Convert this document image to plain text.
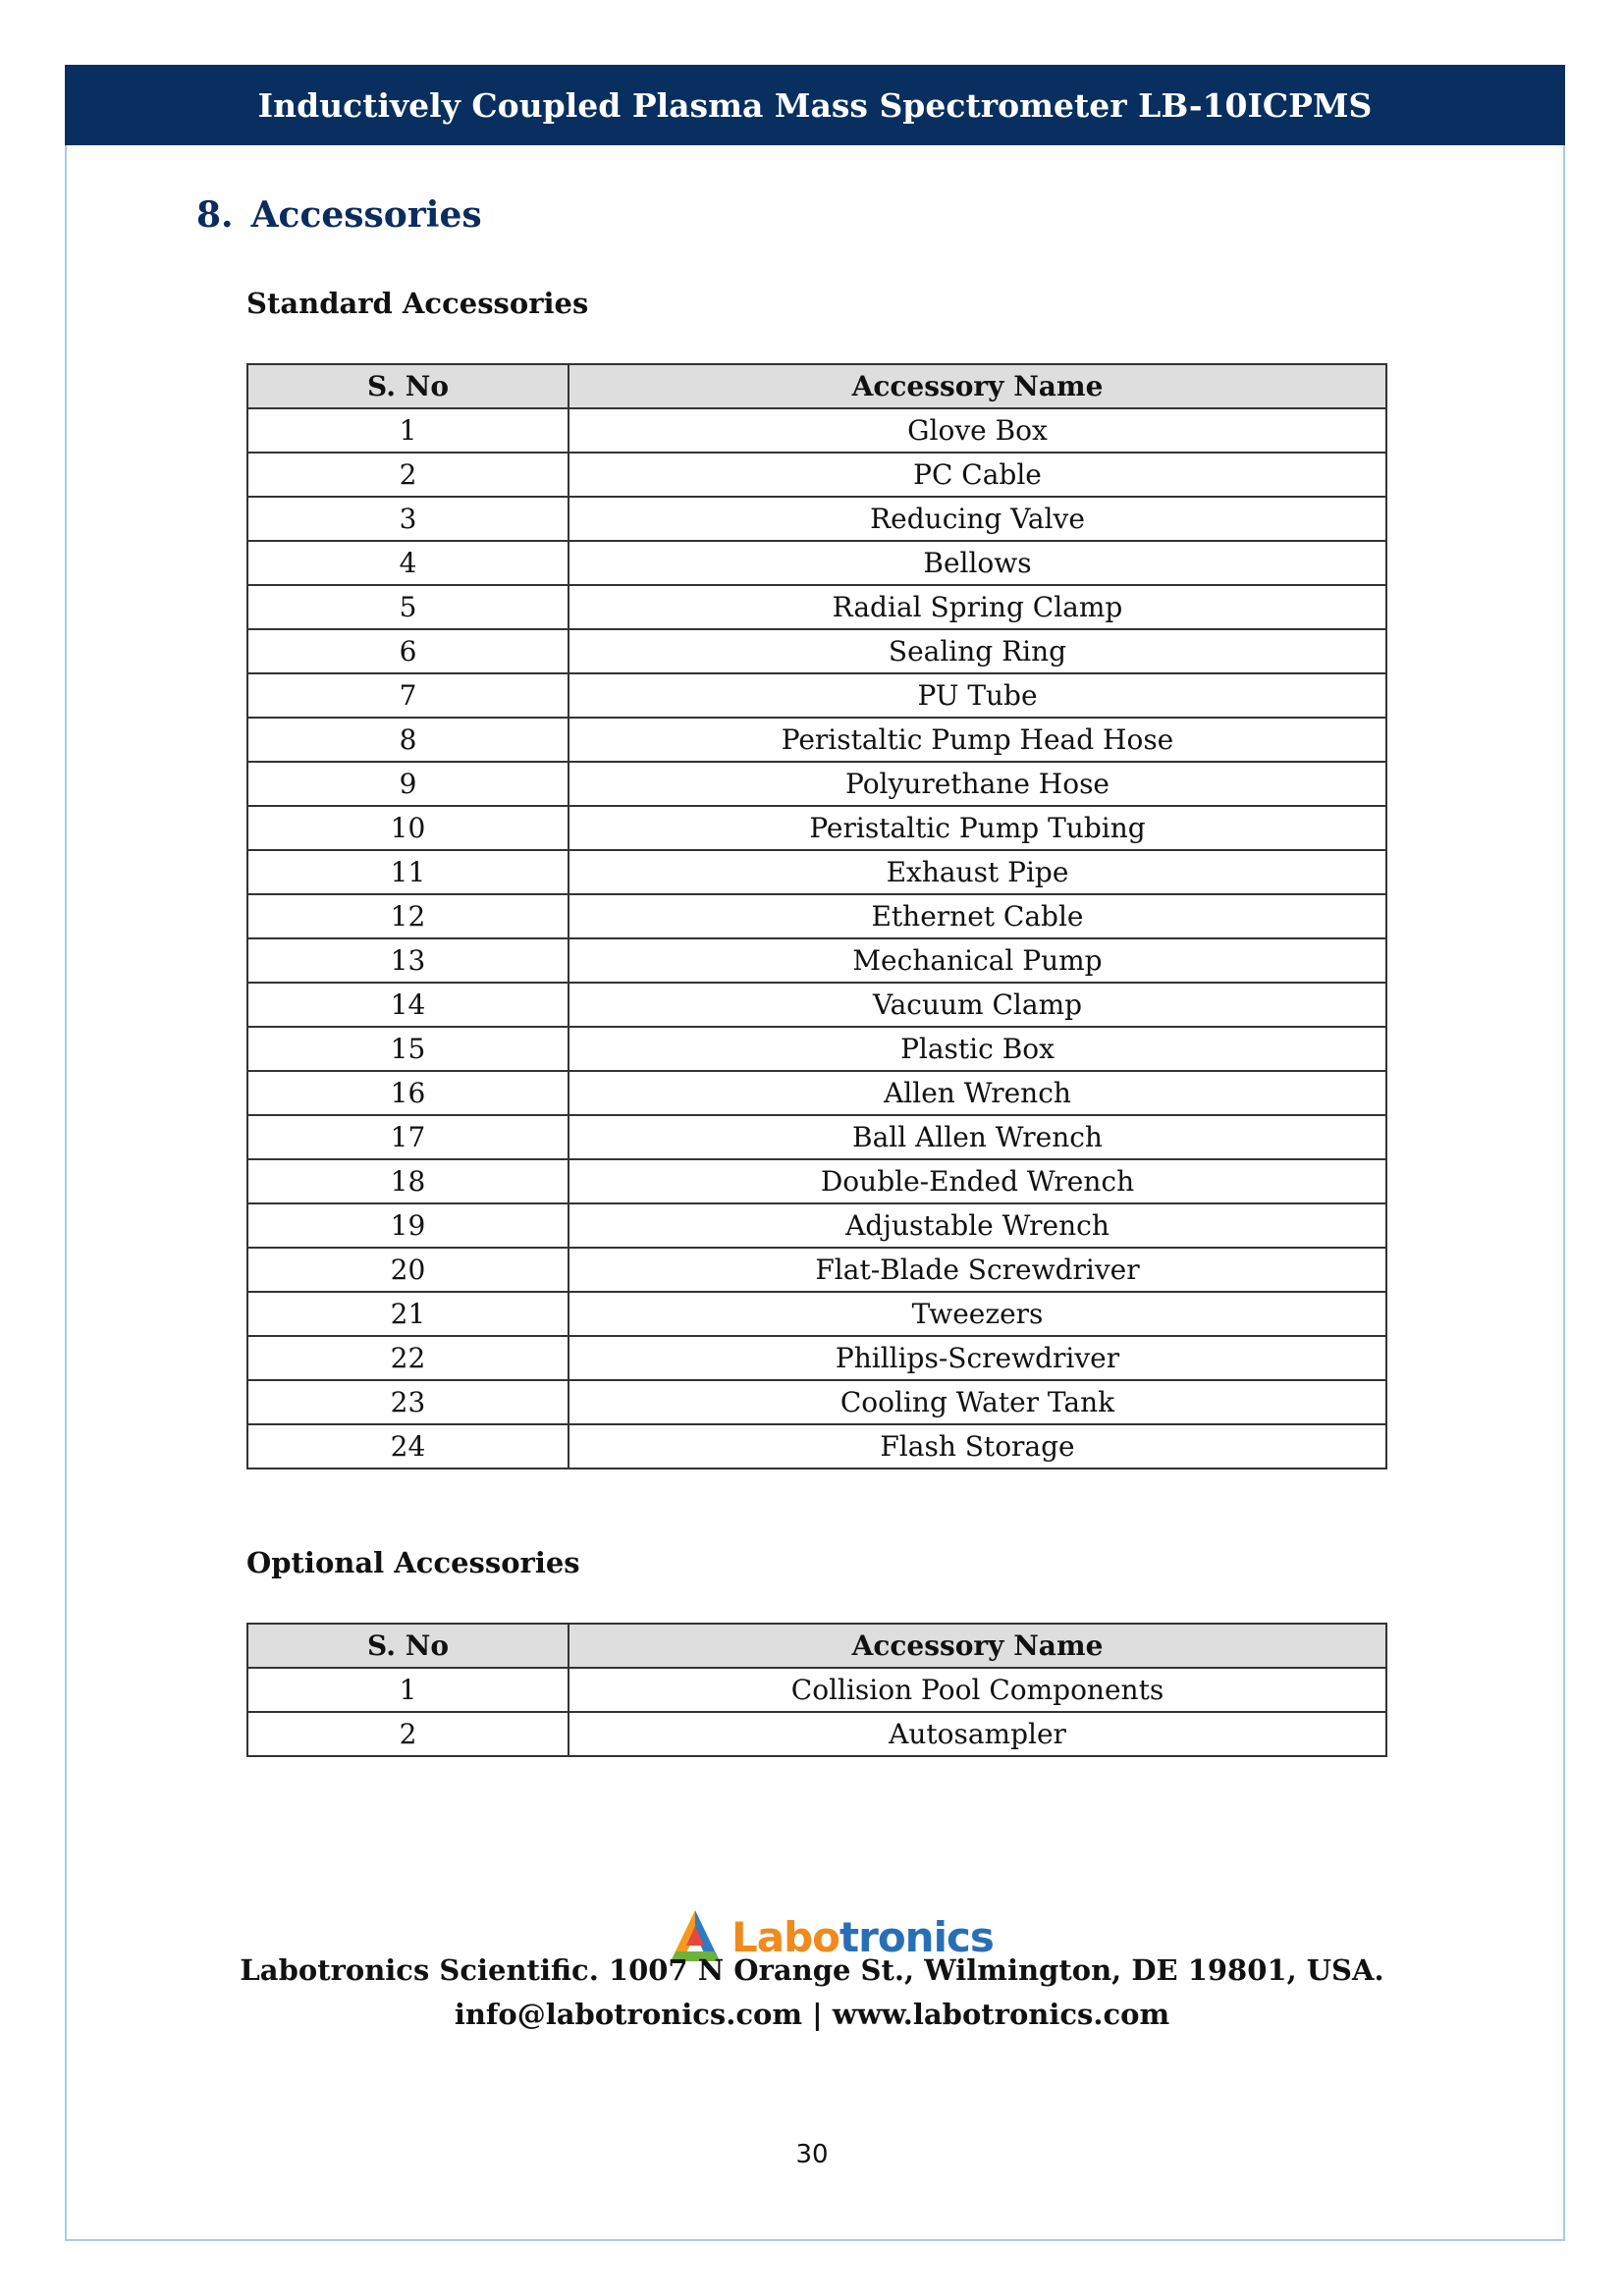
Inductively Coupled Plasma Mass Spectrometer LB-10ICPMS
8. Accessories
Standard Accessories
S. No	Accessory Name
1	Glove Box
2	PC Cable
3	Reducing Valve
4	Bellows
5	Radial Spring Clamp
6	Sealing Ring
7	PU Tube
8	Peristaltic Pump Head Hose
9	Polyurethane Hose
10	Peristaltic Pump Tubing
11	Exhaust Pipe
12	Ethernet Cable
13	Mechanical Pump
14	Vacuum Clamp
15	Plastic Box
16	Allen Wrench
17	Ball Allen Wrench
18	Double-Ended Wrench
19	Adjustable Wrench
20	Flat-Blade Screwdriver
21	Tweezers
22	Phillips-Screwdriver
23	Cooling Water Tank
24	Flash Storage
Optional Accessories
S. No	Accessory Name
1	Collision Pool Components
2	Autosampler
Labotronics
Labotronics Scientific. 1007 N Orange St., Wilmington, DE 19801, USA.
info@labotronics.com | www.labotronics.com
30
